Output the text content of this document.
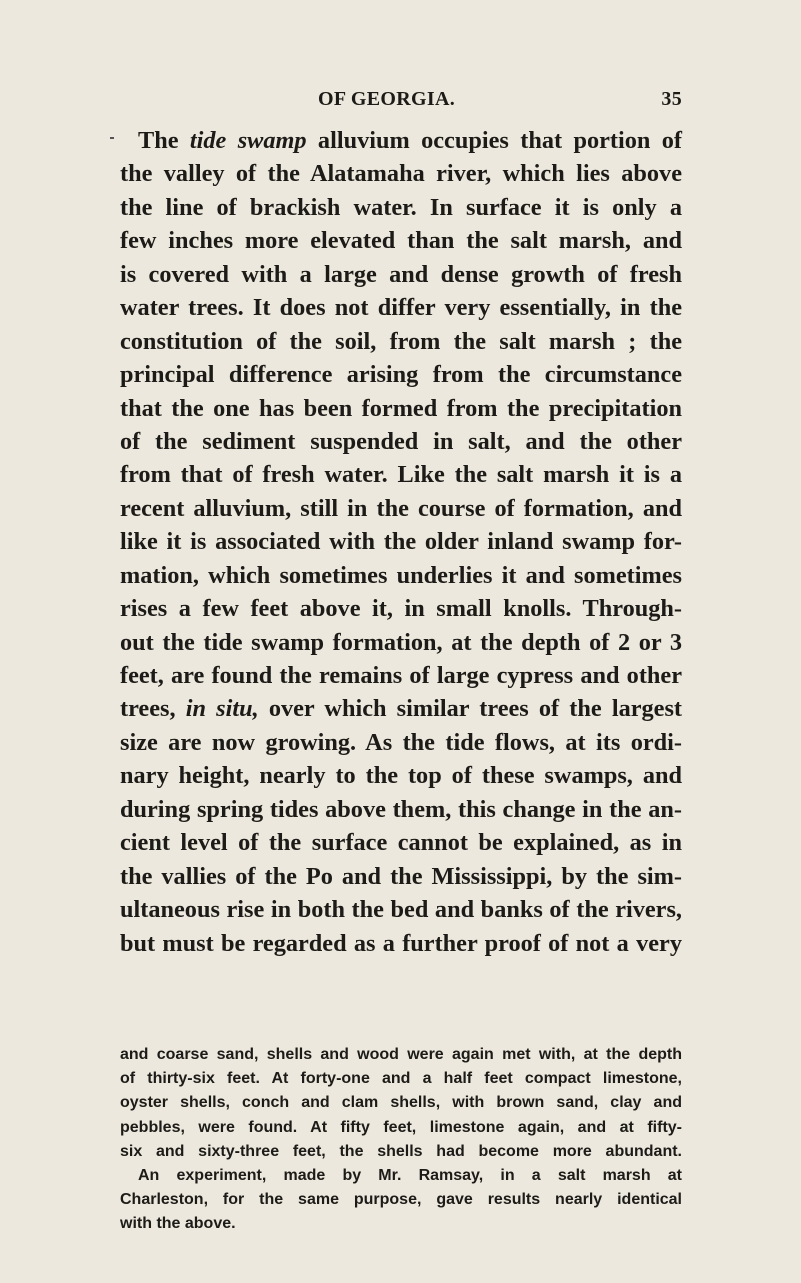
OF GEORGIA.	35
The tide swamp alluvium occupies that portion of
the valley of the Alatamaha river, which lies above
the line of brackish water. In surface it is only a
few inches more elevated than the salt marsh, and
is covered with a large and dense growth of fresh
water trees. It does not differ very essentially, in the
constitution of the soil, from the salt marsh ; the
principal difference arising from the circumstance
that the one has been formed from the precipitation
of the sediment suspended in salt, and the other
from that of fresh water. Like the salt marsh it is a
recent alluvium, still in the course of formation, and
like it is associated with the older inland swamp for-
mation, which sometimes underlies it and sometimes
rises a few feet above it, in small knolls. Through-
out the tide swamp formation, at the depth of 2 or 3
feet, are found the remains of large cypress and other
trees, in situ, over which similar trees of the largest
size are now growing. As the tide flows, at its ordi-
nary height, nearly to the top of these swamps, and
during spring tides above them, this change in the an-
cient level of the surface cannot be explained, as in
the vallies of the Po and the Mississippi, by the sim-
ultaneous rise in both the bed and banks of the rivers,
but must be regarded as a further proof of not a very
and coarse sand, shells and wood were again met with, at the depth
of thirty-six feet. At forty-one and a half feet compact limestone,
oyster shells, conch and clam shells, with brown sand, clay and
pebbles, were found. At fifty feet, limestone again, and at fifty-
six and sixty-three feet, the shells had become more abundant.
An experiment, made by Mr. Ramsay, in a salt marsh at
Charleston, for the same purpose, gave results nearly identical
with the above.
